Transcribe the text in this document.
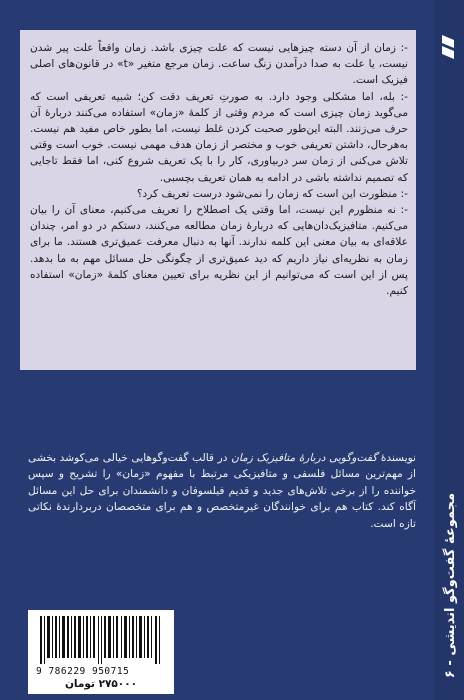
مجموعهٔ گفت‌وگو اندیشی - ۶

-: زمان از آن دسته چیزهایی نیست که علت چیزی باشد. زمان واقعاً علت پیر شدن نیست، یا علت به صدا درآمدن زنگ ساعت. زمان مرجع متغیر «t» در قانون‌های اصلی فیزیک است.

-: بله، اما مشکلی وجود دارد. به صورتِ تعریف دقت کن؛ شبیه تعریفی است که می‌گوید زمان چیزی است که مردم وقتی از کلمهٔ «زمان» استفاده می‌کنند دربارهٔ آن حرف می‌زنند. البته این‌طور صحبت کردن غلط نیست، اما بطور خاص مفید هم نیست. به‌هرحال، داشتن تعریفی خوب و مختصر از زمان هدف مهمی نیست. خوب است وقتی تلاش می‌کنی از زمان سر دربیاوری، کار را با یک تعریف شروع کنی، اما فقط تاجایی که تصمیم نداشته باشی در ادامه به همان تعریف بچسبی.

-: منظورت این است که زمان را نمی‌شود درست تعریف کرد؟

-: نه منظورم این نیست، اما وقتی یک اصطلاح را تعریف می‌کنیم، معنای آن را بیان می‌کنیم. متافیزیک‌دان‌هایی که دربارهٔ زمان مطالعه می‌کنند، دستکم در دو امر، چندان علاقه‌ای به بیان معنی این کلمه ندارند. آنها به دنبال معرفت عمیق‌تری هستند. ما برای زمان به نظریه‌ای نیاز داریم که دید عمیق‌تری از چگونگی حل مسائل مهم به ما بدهد. پس از این است که می‌توانیم از این نظریه برای تعیین معنای کلمهٔ «زمان» استفاده کنیم.

نویسندهٔ گفت‌وگویی دربارهٔ متافیزیک زمان در قالب گفت‌وگوهایی خیالی می‌کوشد بخشی از مهم‌ترین مسائل فلسفی و متافیزیکی مرتبط با مفهوم «زمان» را تشریح و سپس خواننده را از برخی تلاش‌های جدید و قدیم فیلسوفان و دانشمندان برای حل این مسائل آگاه کند. کتاب هم برای خوانندگان غیرمتخصص و هم برای متخصصان دربردارندهٔ نکاتی تازه است.
9 786229 950715
۲۷۵۰۰۰ تومان
